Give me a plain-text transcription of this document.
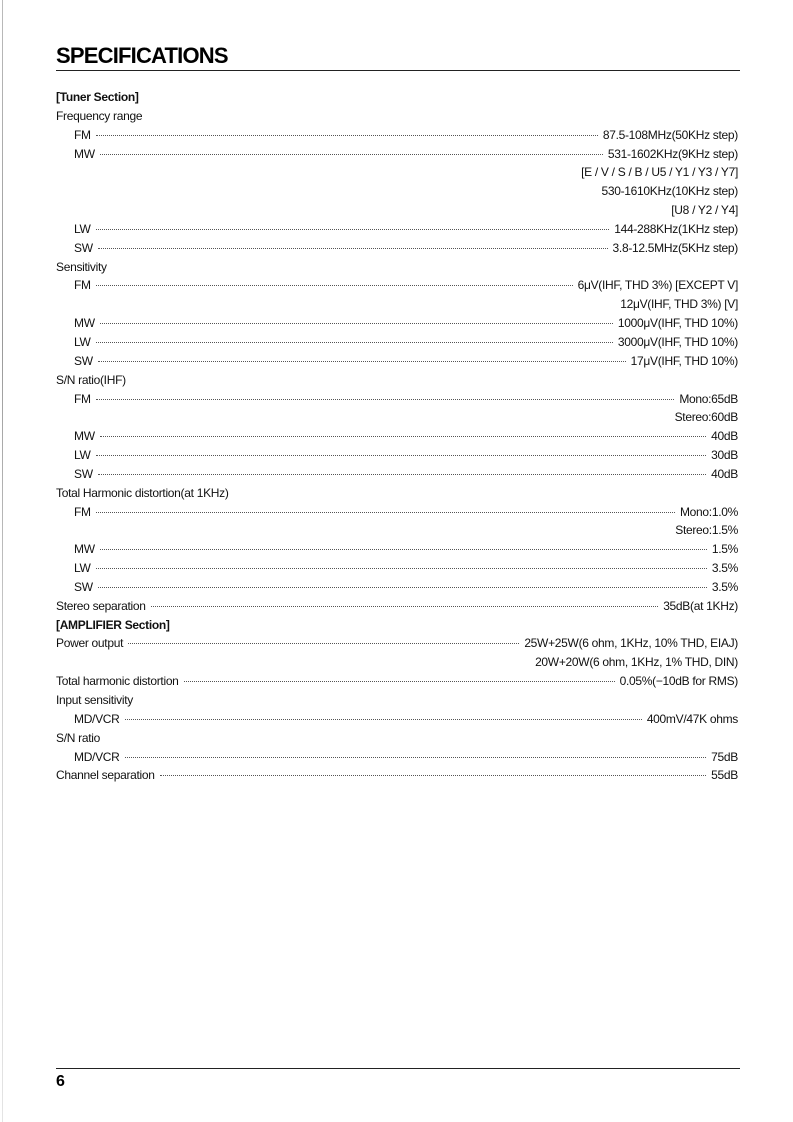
SPECIFICATIONS
[Tuner Section]
Frequency range
FM	87.5-108MHz(50KHz step)
MW	531-1602KHz(9KHz step)
[E / V / S / B / U5 / Y1 / Y3 / Y7]
530-1610KHz(10KHz step)
[U8 / Y2 / Y4]
LW	144-288KHz(1KHz step)
SW	3.8-12.5MHz(5KHz step)
Sensitivity
FM	6μV(IHF, THD 3%) [EXCEPT V]
12μV(IHF, THD 3%) [V]
MW	1000μV(IHF, THD 10%)
LW	3000μV(IHF, THD 10%)
SW	17μV(IHF, THD 10%)
S/N ratio(IHF)
FM	Mono:65dB
Stereo:60dB
MW	40dB
LW	30dB
SW	40dB
Total Harmonic distortion(at 1KHz)
FM	Mono:1.0%
Stereo:1.5%
MW	1.5%
LW	3.5%
SW	3.5%
Stereo separation	35dB(at 1KHz)
[AMPLIFIER Section]
Power output	25W+25W(6 ohm, 1KHz, 10% THD, EIAJ)
20W+20W(6 ohm, 1KHz, 1% THD, DIN)
Total harmonic distortion	0.05%(−10dB for RMS)
Input sensitivity
MD/VCR	400mV/47K ohms
S/N ratio
MD/VCR	75dB
Channel separation	55dB
6
